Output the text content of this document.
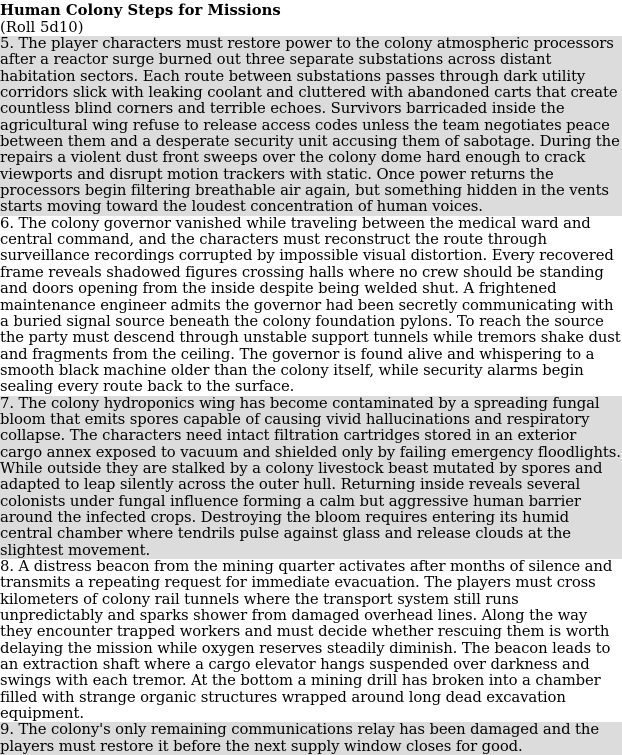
Human Colony Steps for Missions
(Roll 5d10)
5. The player characters must restore power to the colony atmospheric processors after a reactor surge burned out three separate substations across distant habitation sectors. Each route between substations passes through dark utility corridors slick with leaking coolant and cluttered with abandoned carts that create countless blind corners and terrible echoes. Survivors barricaded inside the agricultural wing refuse to release access codes unless the team negotiates peace between them and a desperate security unit accusing them of sabotage. During the repairs a violent dust front sweeps over the colony dome hard enough to crack viewports and disrupt motion trackers with static. Once power returns the processors begin filtering breathable air again, but something hidden in the vents starts moving toward the loudest concentration of human voices.
6. The colony governor vanished while traveling between the medical ward and central command, and the characters must reconstruct the route through surveillance recordings corrupted by impossible visual distortion. Every recovered frame reveals shadowed figures crossing halls where no crew should be standing and doors opening from the inside despite being welded shut. A frightened maintenance engineer admits the governor had been secretly communicating with a buried signal source beneath the colony foundation pylons. To reach the source the party must descend through unstable support tunnels while tremors shake dust and fragments from the ceiling. The governor is found alive and whispering to a smooth black machine older than the colony itself, while security alarms begin sealing every route back to the surface.
7. The colony hydroponics wing has become contaminated by a spreading fungal bloom that emits spores capable of causing vivid hallucinations and respiratory collapse. The characters need intact filtration cartridges stored in an exterior cargo annex exposed to vacuum and shielded only by failing emergency floodlights. While outside they are stalked by a colony livestock beast mutated by spores and adapted to leap silently across the outer hull. Returning inside reveals several colonists under fungal influence forming a calm but aggressive human barrier around the infected crops. Destroying the bloom requires entering its humid central chamber where tendrils pulse against glass and release clouds at the slightest movement.
8. A distress beacon from the mining quarter activates after months of silence and transmits a repeating request for immediate evacuation. The players must cross kilometers of colony rail tunnels where the transport system still runs unpredictably and sparks shower from damaged overhead lines. Along the way they encounter trapped workers and must decide whether rescuing them is worth delaying the mission while oxygen reserves steadily diminish. The beacon leads to an extraction shaft where a cargo elevator hangs suspended over darkness and swings with each tremor. At the bottom a mining drill has broken into a chamber filled with strange organic structures wrapped around long dead excavation equipment.
9. The colony's only remaining communications relay has been damaged and the players must restore it before the next supply window closes for good.
